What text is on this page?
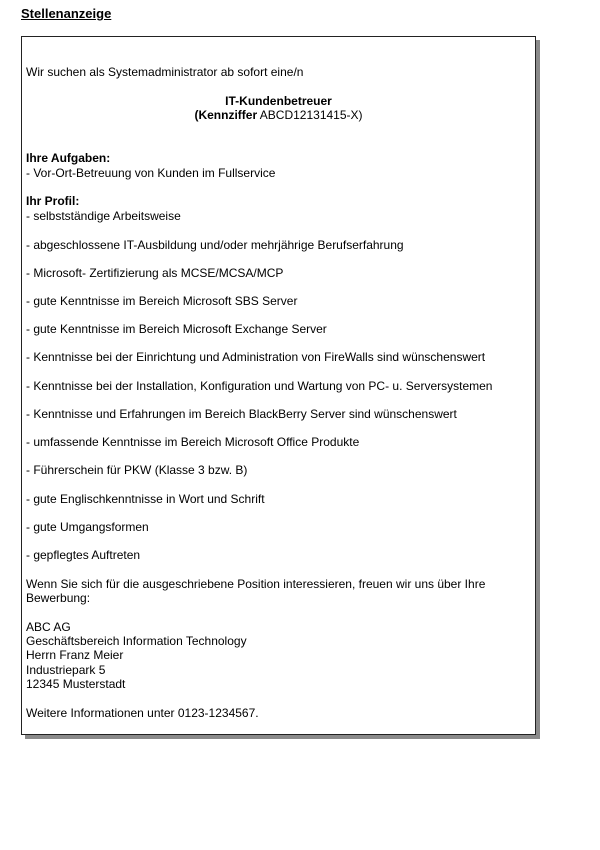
Stellenanzeige
Wir suchen als Systemadministrator ab sofort eine/n
IT-Kundenbetreuer
(Kennziffer ABCD12131415-X)
Ihre Aufgaben:
- Vor-Ort-Betreuung von Kunden im Fullservice
Ihr Profil:
- selbstständige Arbeitsweise
- abgeschlossene IT-Ausbildung und/oder mehrjährige Berufserfahrung
- Microsoft- Zertifizierung als MCSE/MCSA/MCP
- gute Kenntnisse im Bereich Microsoft SBS Server
- gute Kenntnisse im Bereich Microsoft Exchange Server
- Kenntnisse bei der Einrichtung und Administration von FireWalls sind wünschenswert
- Kenntnisse bei der Installation, Konfiguration und Wartung von PC- u. Serversystemen
- Kenntnisse und Erfahrungen im Bereich BlackBerry Server sind wünschenswert
- umfassende Kenntnisse im Bereich Microsoft Office Produkte
- Führerschein für PKW (Klasse 3 bzw. B)
- gute Englischkenntnisse in Wort und Schrift
- gute Umgangsformen
- gepflegtes Auftreten
Wenn Sie sich für die ausgeschriebene Position interessieren, freuen wir uns über Ihre Bewerbung:
ABC AG
Geschäftsbereich Information Technology
Herrn Franz Meier
Industriepark 5
12345 Musterstadt
Weitere Informationen unter 0123-1234567.
